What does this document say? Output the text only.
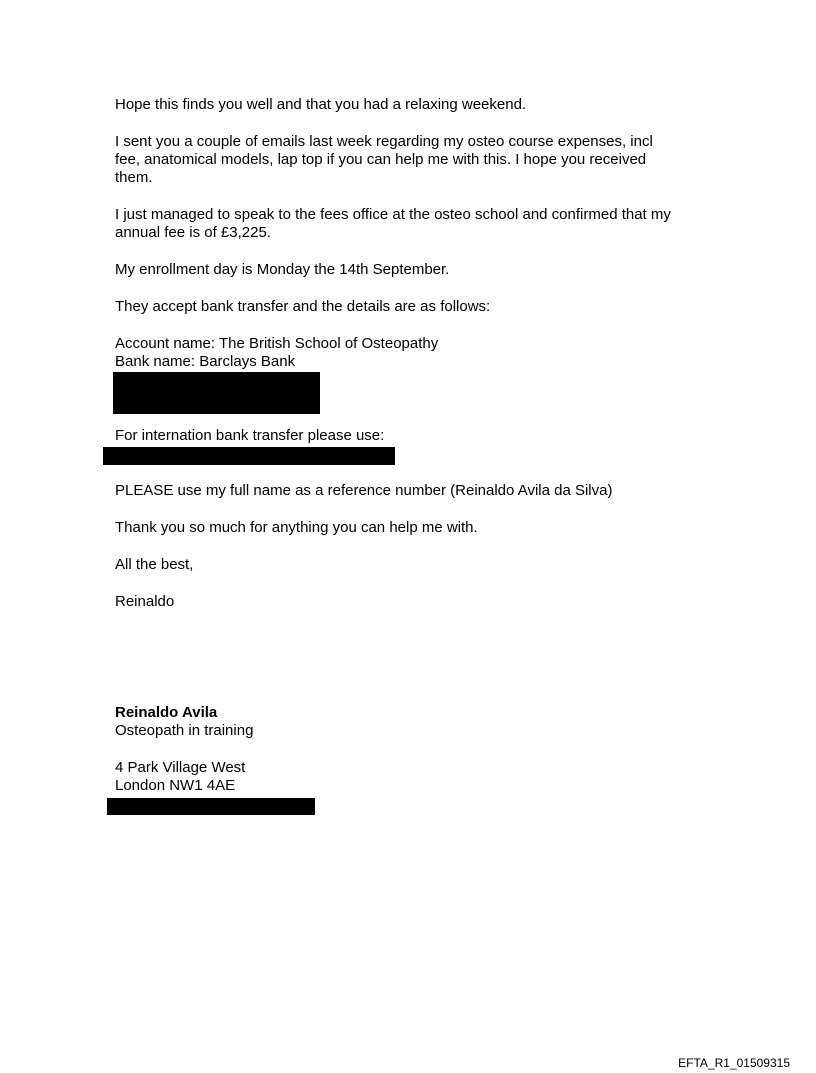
Hope this finds you well and that you had a relaxing weekend.
I sent you a couple of emails last week regarding my osteo course expenses, incl
fee, anatomical models, lap top if you can help me with this. I hope you received
them.
I just managed to speak to the fees office at the osteo school and confirmed that my
annual fee is of £3,225.
My enrollment day is Monday the 14th September.
They accept bank transfer and the details are as follows:
Account name: The British School of Osteopathy
Bank name: Barclays Bank
For internation bank transfer please use:
PLEASE use my full name as a reference number (Reinaldo Avila da Silva)
Thank you so much for anything you can help me with.
All the best,
Reinaldo
Reinaldo Avila
Osteopath in training
4 Park Village West
London NW1 4AE
EFTA_R1_01509315
